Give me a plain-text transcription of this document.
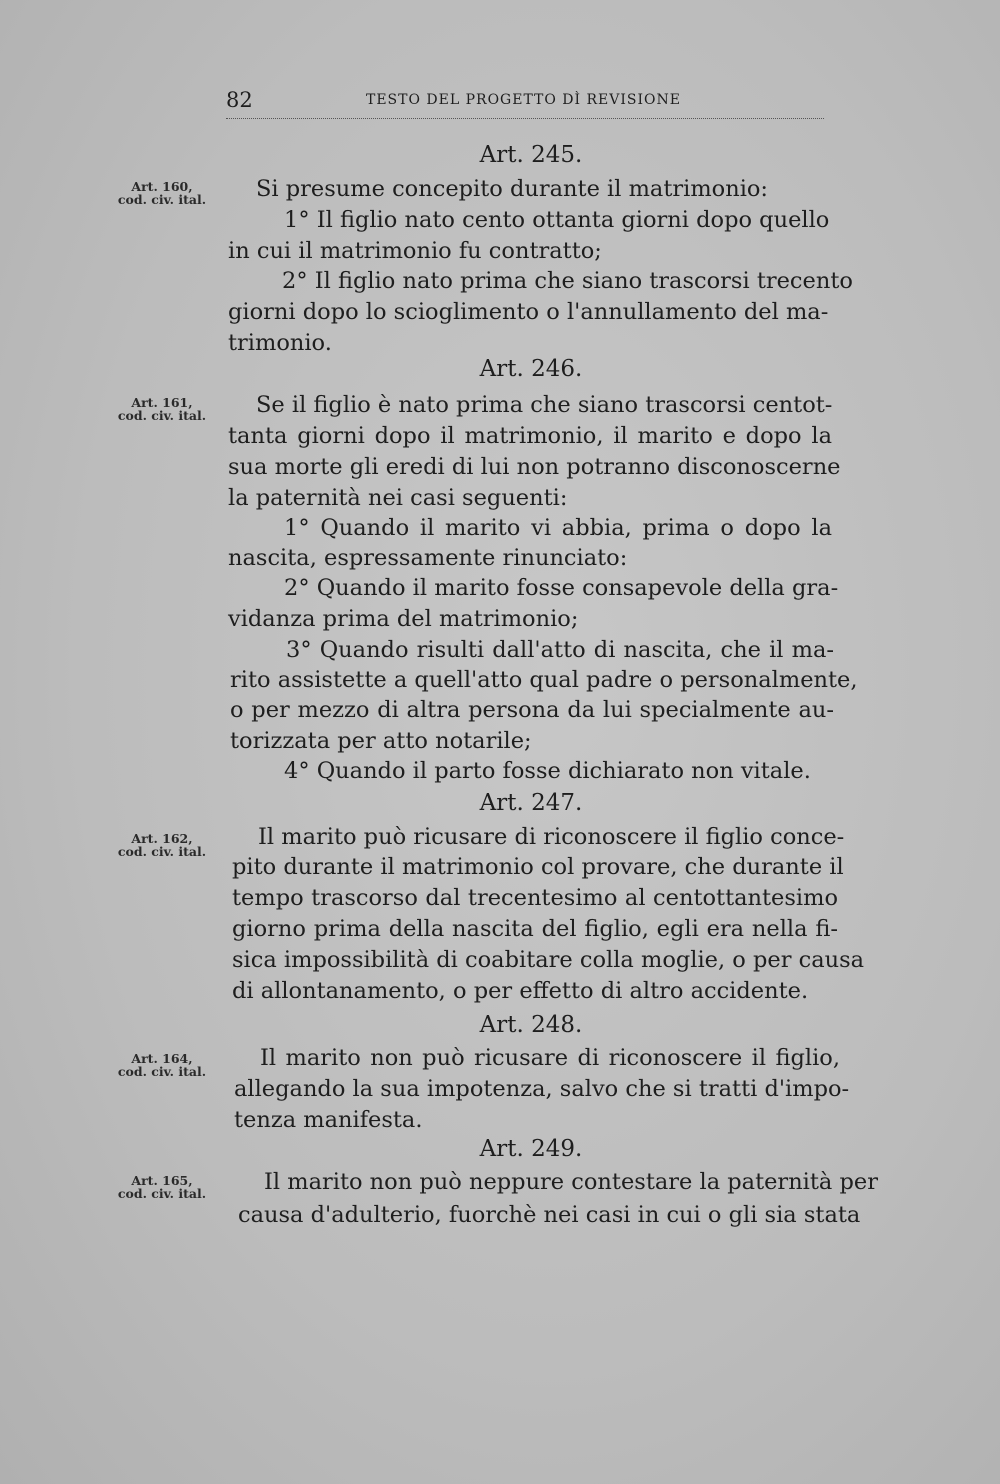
82	TESTO DEL PROGETTO DÌ REVISIONE
Art. 245.
Art. 160,
cod. civ. ital.	Si presume concepito durante il matrimonio:
1° Il figlio nato cento ottanta giorni dopo quello
in cui il matrimonio fu contratto;
2° Il figlio nato prima che siano trascorsi trecento
giorni dopo lo scioglimento o l'annullamento del ma-
trimonio.
Art. 246.
Art. 161,
cod. civ. ital.	Se il figlio è nato prima che siano trascorsi centot-
tanta giorni dopo il matrimonio, il marito e dopo la
sua morte gli eredi di lui non potranno disconoscerne
la paternità nei casi seguenti:
1° Quando il marito vi abbia, prima o dopo la
nascita, espressamente rinunciato:
2° Quando il marito fosse consapevole della gra-
vidanza prima del matrimonio;
3° Quando risulti dall'atto di nascita, che il ma-
rito assistette a quell'atto qual padre o personalmente,
o per mezzo di altra persona da lui specialmente au-
torizzata per atto notarile;
4° Quando il parto fosse dichiarato non vitale.
Art. 247.
Art. 162,
cod. civ. ital.
Il marito può ricusare di riconoscere il figlio conce-
pito durante il matrimonio col provare, che durante il
tempo trascorso dal trecentesimo al centottantesimo
giorno prima della nascita del figlio, egli era nella fi-
sica impossibilità di coabitare colla moglie, o per causa
di allontanamento, o per effetto di altro accidente.
Art. 248.
Art. 164,
cod. civ. ital.
Il marito non può ricusare di riconoscere il figlio,
allegando la sua impotenza, salvo che si tratti d'impo-
tenza manifesta.
Art. 249.
Art. 165,
cod. civ. ital.	Il marito non può neppure contestare la paternità per
causa d'adulterio, fuorchè nei casi in cui o gli sia stata
